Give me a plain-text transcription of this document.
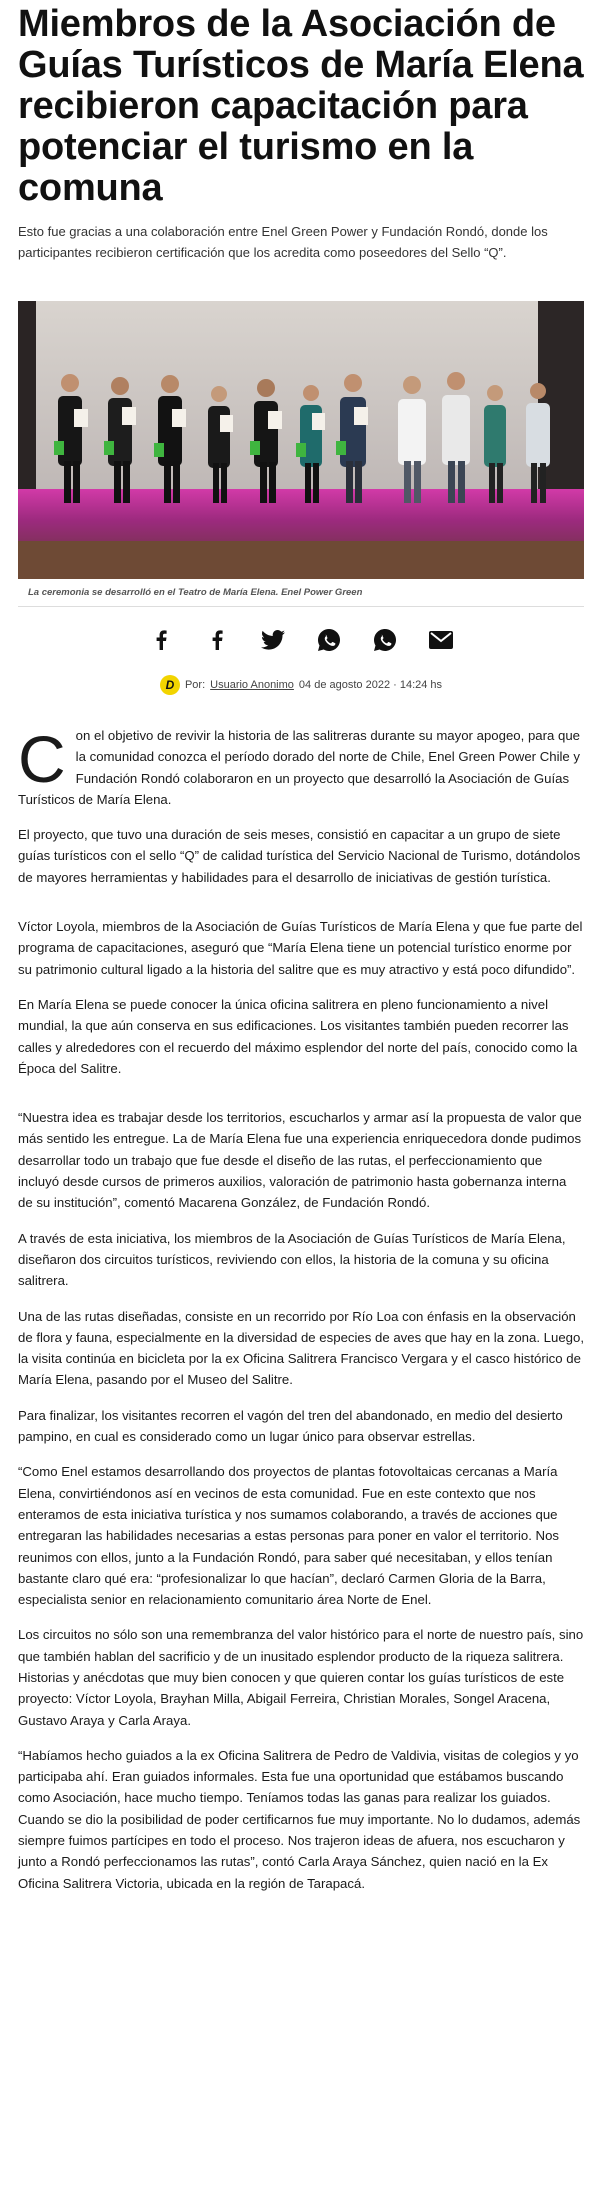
Miembros de la Asociación de Guías Turísticos de María Elena recibieron capacitación para potenciar el turismo en la comuna

Esto fue gracias a una colaboración entre Enel Green Power y Fundación Rondó, donde los participantes recibieron certificación que los acredita como poseedores del Sello “Q”.

La ceremonia se desarrolló en el Teatro de María Elena. Enel Power Green
D Por: Usuario Anonimo 04 de agosto 2022 · 14:24 hs

Con el objetivo de revivir la historia de las salitreras durante su mayor apogeo, para que la comunidad conozca el período dorado del norte de Chile, Enel Green Power Chile y Fundación Rondó colaboraron en un proyecto que desarrolló la Asociación de Guías Turísticos de María Elena.

El proyecto, que tuvo una duración de seis meses, consistió en capacitar a un grupo de siete guías turísticos con el sello “Q” de calidad turística del Servicio Nacional de Turismo, dotándolos de mayores herramientas y habilidades para el desarrollo de iniciativas de gestión turística.

Víctor Loyola, miembros de la Asociación de Guías Turísticos de María Elena y que fue parte del programa de capacitaciones, aseguró que “María Elena tiene un potencial turístico enorme por su patrimonio cultural ligado a la historia del salitre que es muy atractivo y está poco difundido”.

En María Elena se puede conocer la única oficina salitrera en pleno funcionamiento a nivel mundial, la que aún conserva en sus edificaciones. Los visitantes también pueden recorrer las calles y alrededores con el recuerdo del máximo esplendor del norte del país, conocido como la Época del Salitre.

“Nuestra idea es trabajar desde los territorios, escucharlos y armar así la propuesta de valor que más sentido les entregue. La de María Elena fue una experiencia enriquecedora donde pudimos desarrollar todo un trabajo que fue desde el diseño de las rutas, el perfeccionamiento que incluyó desde cursos de primeros auxilios, valoración de patrimonio hasta gobernanza interna de su institución”, comentó Macarena González, de Fundación Rondó.

A través de esta iniciativa, los miembros de la Asociación de Guías Turísticos de María Elena, diseñaron dos circuitos turísticos, reviviendo con ellos, la historia de la comuna y su oficina salitrera.

Una de las rutas diseñadas, consiste en un recorrido por Río Loa con énfasis en la observación de flora y fauna, especialmente en la diversidad de especies de aves que hay en la zona. Luego, la visita continúa en bicicleta por la ex Oficina Salitrera Francisco Vergara y el casco histórico de María Elena, pasando por el Museo del Salitre.

Para finalizar, los visitantes recorren el vagón del tren del abandonado, en medio del desierto pampino, en cual es considerado como un lugar único para observar estrellas.

“Como Enel estamos desarrollando dos proyectos de plantas fotovoltaicas cercanas a María Elena, convirtiéndonos así en vecinos de esta comunidad. Fue en este contexto que nos enteramos de esta iniciativa turística y nos sumamos colaborando, a través de acciones que entregaran las habilidades necesarias a estas personas para poner en valor el territorio. Nos reunimos con ellos, junto a la Fundación Rondó, para saber qué necesitaban, y ellos tenían bastante claro qué era: “profesionalizar lo que hacían”, declaró Carmen Gloria de la Barra, especialista senior en relacionamiento comunitario área Norte de Enel.

Los circuitos no sólo son una remembranza del valor histórico para el norte de nuestro país, sino que también hablan del sacrificio y de un inusitado esplendor producto de la riqueza salitrera. Historias y anécdotas que muy bien conocen y que quieren contar los guías turísticos de este proyecto: Víctor Loyola, Brayhan Milla, Abigail Ferreira, Christian Morales, Songel Aracena, Gustavo Araya y Carla Araya.

“Habíamos hecho guiados a la ex Oficina Salitrera de Pedro de Valdivia, visitas de colegios y yo participaba ahí. Eran guiados informales. Esta fue una oportunidad que estábamos buscando como Asociación, hace mucho tiempo. Teníamos todas las ganas para realizar los guiados. Cuando se dio la posibilidad de poder certificarnos fue muy importante. No lo dudamos, además siempre fuimos partícipes en todo el proceso. Nos trajeron ideas de afuera, nos escucharon y junto a Rondó perfeccionamos las rutas”, contó Carla Araya Sánchez, quien nació en la Ex Oficina Salitrera Victoria, ubicada en la región de Tarapacá.
